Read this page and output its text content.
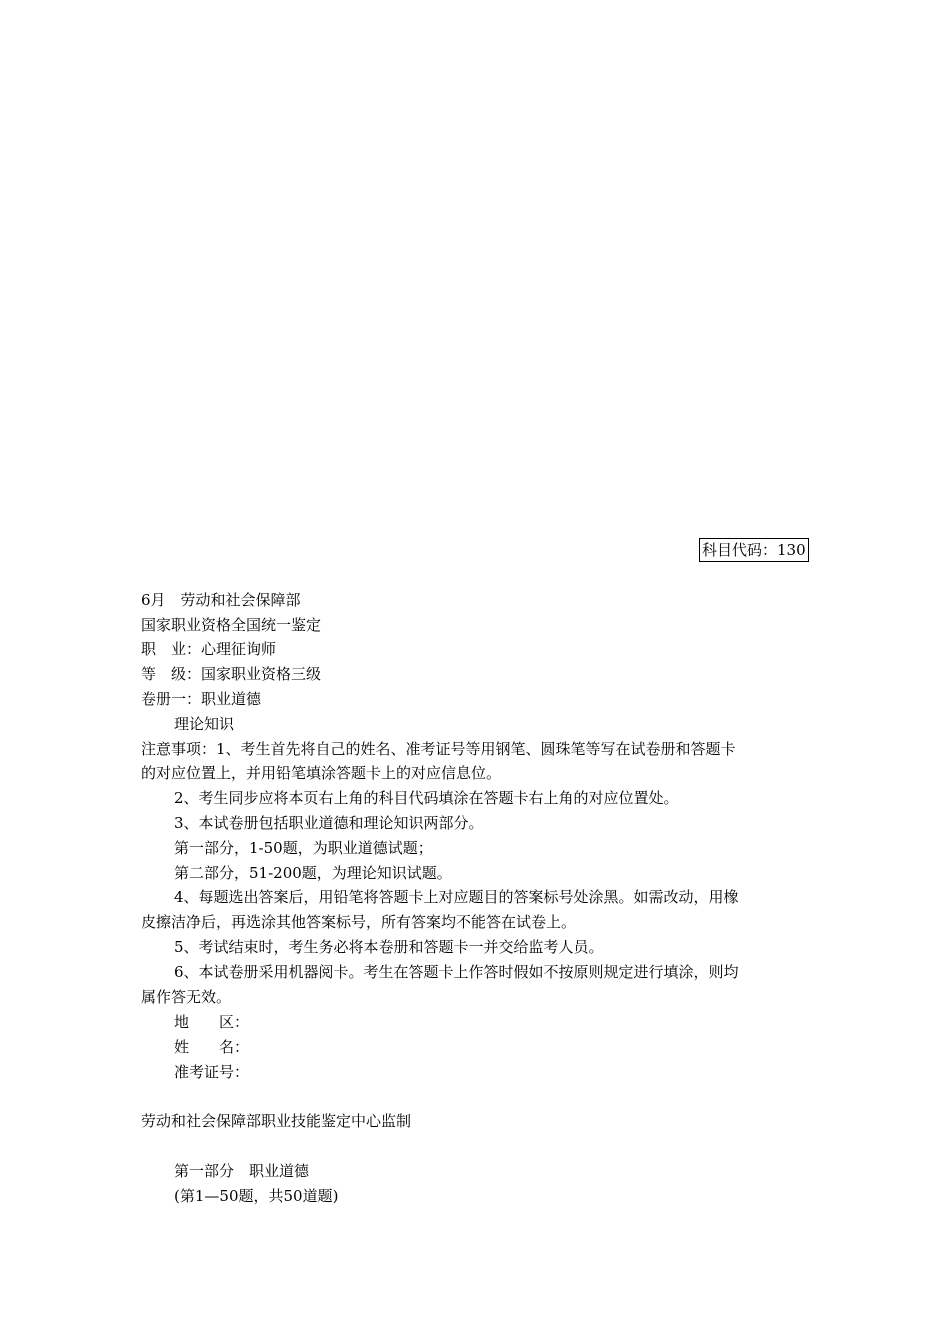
科目代码：130
6月　劳动和社会保障部
国家职业资格全国统一鉴定
职　业：心理征询师
等　级：国家职业资格三级
卷册一：职业道德
理论知识
注意事项：1、考生首先将自己的姓名、准考证号等用钢笔、圆珠笔等写在试卷册和答题卡
的对应位置上，并用铅笔填涂答题卡上的对应信息位。
2、考生同步应将本页右上角的科目代码填涂在答题卡右上角的对应位置处。
3、本试卷册包括职业道德和理论知识两部分。
第一部分，1-50题，为职业道德试题；
第二部分，51-200题，为理论知识试题。
4、每题选出答案后，用铅笔将答题卡上对应题目的答案标号处涂黑。如需改动，用橡
皮擦洁净后，再选涂其他答案标号，所有答案均不能答在试卷上。
5、考试结束时，考生务必将本卷册和答题卡一并交给监考人员。
6、本试卷册采用机器阅卡。考生在答题卡上作答时假如不按原则规定进行填涂，则均
属作答无效。
地　　区：
姓　　名：
准考证号：
劳动和社会保障部职业技能鉴定中心监制
第一部分　职业道德
(第1—50题，共50道题)
